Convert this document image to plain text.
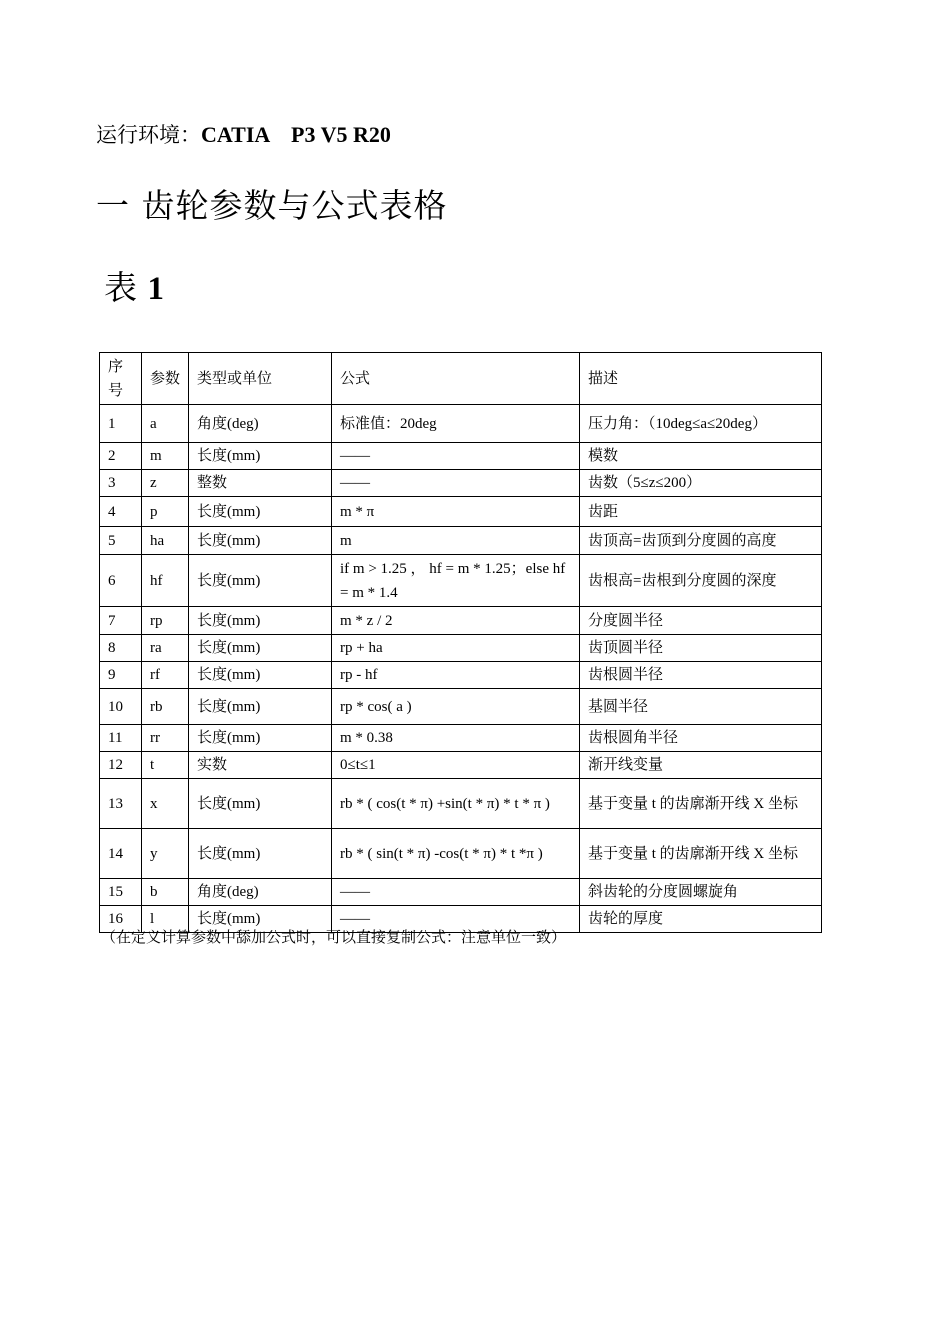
运行环境：CATIA　P3 V5 R20
一 齿轮参数与公式表格
表 1
序号	参数	类型或单位	公式	描述
1	a	角度(deg)	标准值：20deg	压力角：（10deg≤a≤20deg）
2	m	长度(mm)	——	模数
3	z	整数	——	齿数（5≤z≤200）
4	p	长度(mm)	m * π	齿距
5	ha	长度(mm)	m	齿顶高=齿顶到分度圆的高度
6	hf	长度(mm)	if m > 1.25 ， hf = m * 1.25；else hf = m * 1.4	齿根高=齿根到分度圆的深度
7	rp	长度(mm)	m * z / 2	分度圆半径
8	ra	长度(mm)	rp + ha	齿顶圆半径
9	rf	长度(mm)	rp - hf	齿根圆半径
10	rb	长度(mm)	rp * cos( a )	基圆半径
11	rr	长度(mm)	m * 0.38	齿根圆角半径
12	t	实数	0≤t≤1	渐开线变量
13	x	长度(mm)	rb * ( cos(t * π) +sin(t * π) * t * π )	基于变量 t 的齿廓渐开线 X 坐标
14	y	长度(mm)	rb * ( sin(t * π) -cos(t * π) * t *π )	基于变量 t 的齿廓渐开线 X 坐标
15	b	角度(deg)	——	斜齿轮的分度圆螺旋角
16	l	长度(mm)	——	齿轮的厚度
（在定义计算参数中舔加公式时，可以直接复制公式：注意单位一致）
